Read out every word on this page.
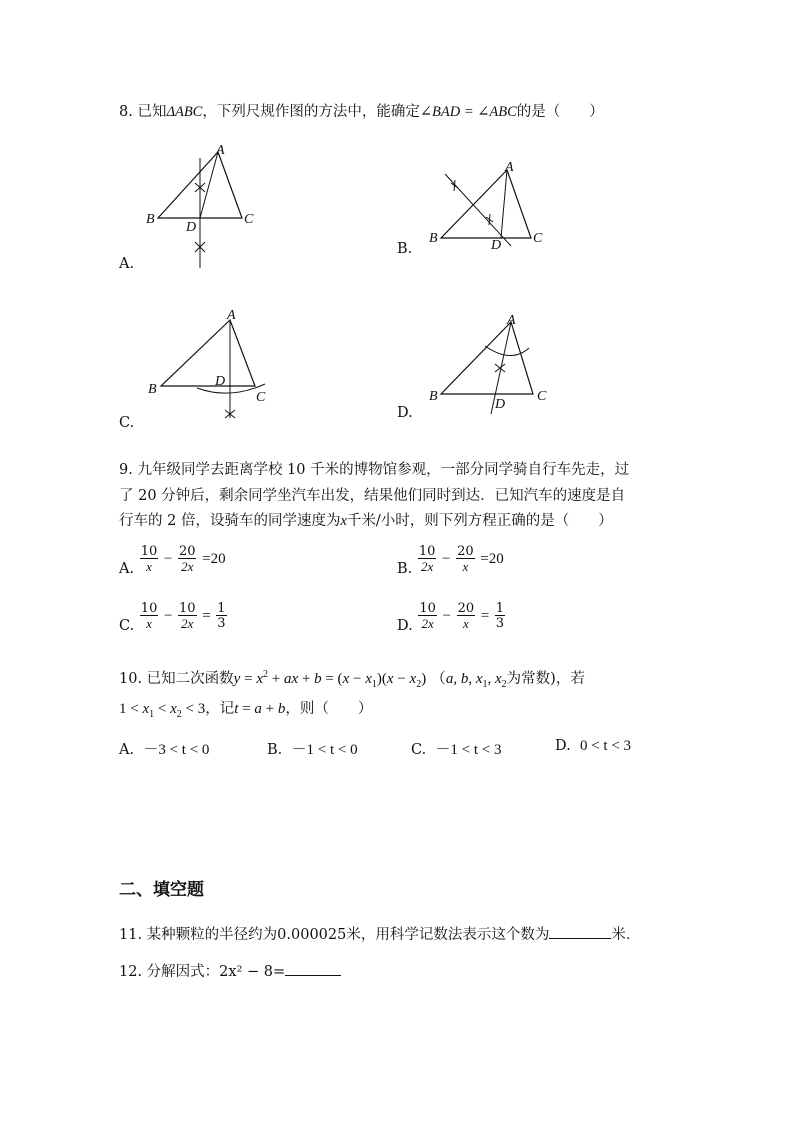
8. 已知ΔABC，下列尺规作图的方法中，能确定∠BAD = ∠ABC的是（　　）
A
B	C
D
A.
A
B	C
D
B.
A
B
C
D
C.
A
B	C
D
D.
9. 九年级同学去距离学校 10 千米的博物馆参观，一部分同学骑自行车先走，过
了 20 分钟后，剩余同学坐汽车出发，结果他们同时到达．已知汽车的速度是自
行车的 2 倍，设骑车的同学速度为x千米/小时，则下列方程正确的是（　　）
A. $\frac{10}{x} - \frac{20}{2x} =20$
B. $\frac{10}{2x} - \frac{20}{x} =20$
C. $\frac{10}{x} - \frac{10}{2x} = \frac{1}{3}$	D. $\frac{10}{2x} - \frac{20}{x} = \frac{1}{3}$
10. 已知二次函数$y = x^2$ + ax + $b = (x - x_1)(x - x_2)$ （a, b, $x_1$, $x_2$为常数)，若
$1 < x_1 < x_2 < 3$，记t = a + b，则（　　）
A. －3 < t < 0	B. －1 < t < 0	C. －1 < t < 3	D. 0 < t < 3
二、填空题
11. 某种颗粒的半径约为0.000025米，用科学记数法表示这个数为	米．
12. 分解因式：2x² − 8=
